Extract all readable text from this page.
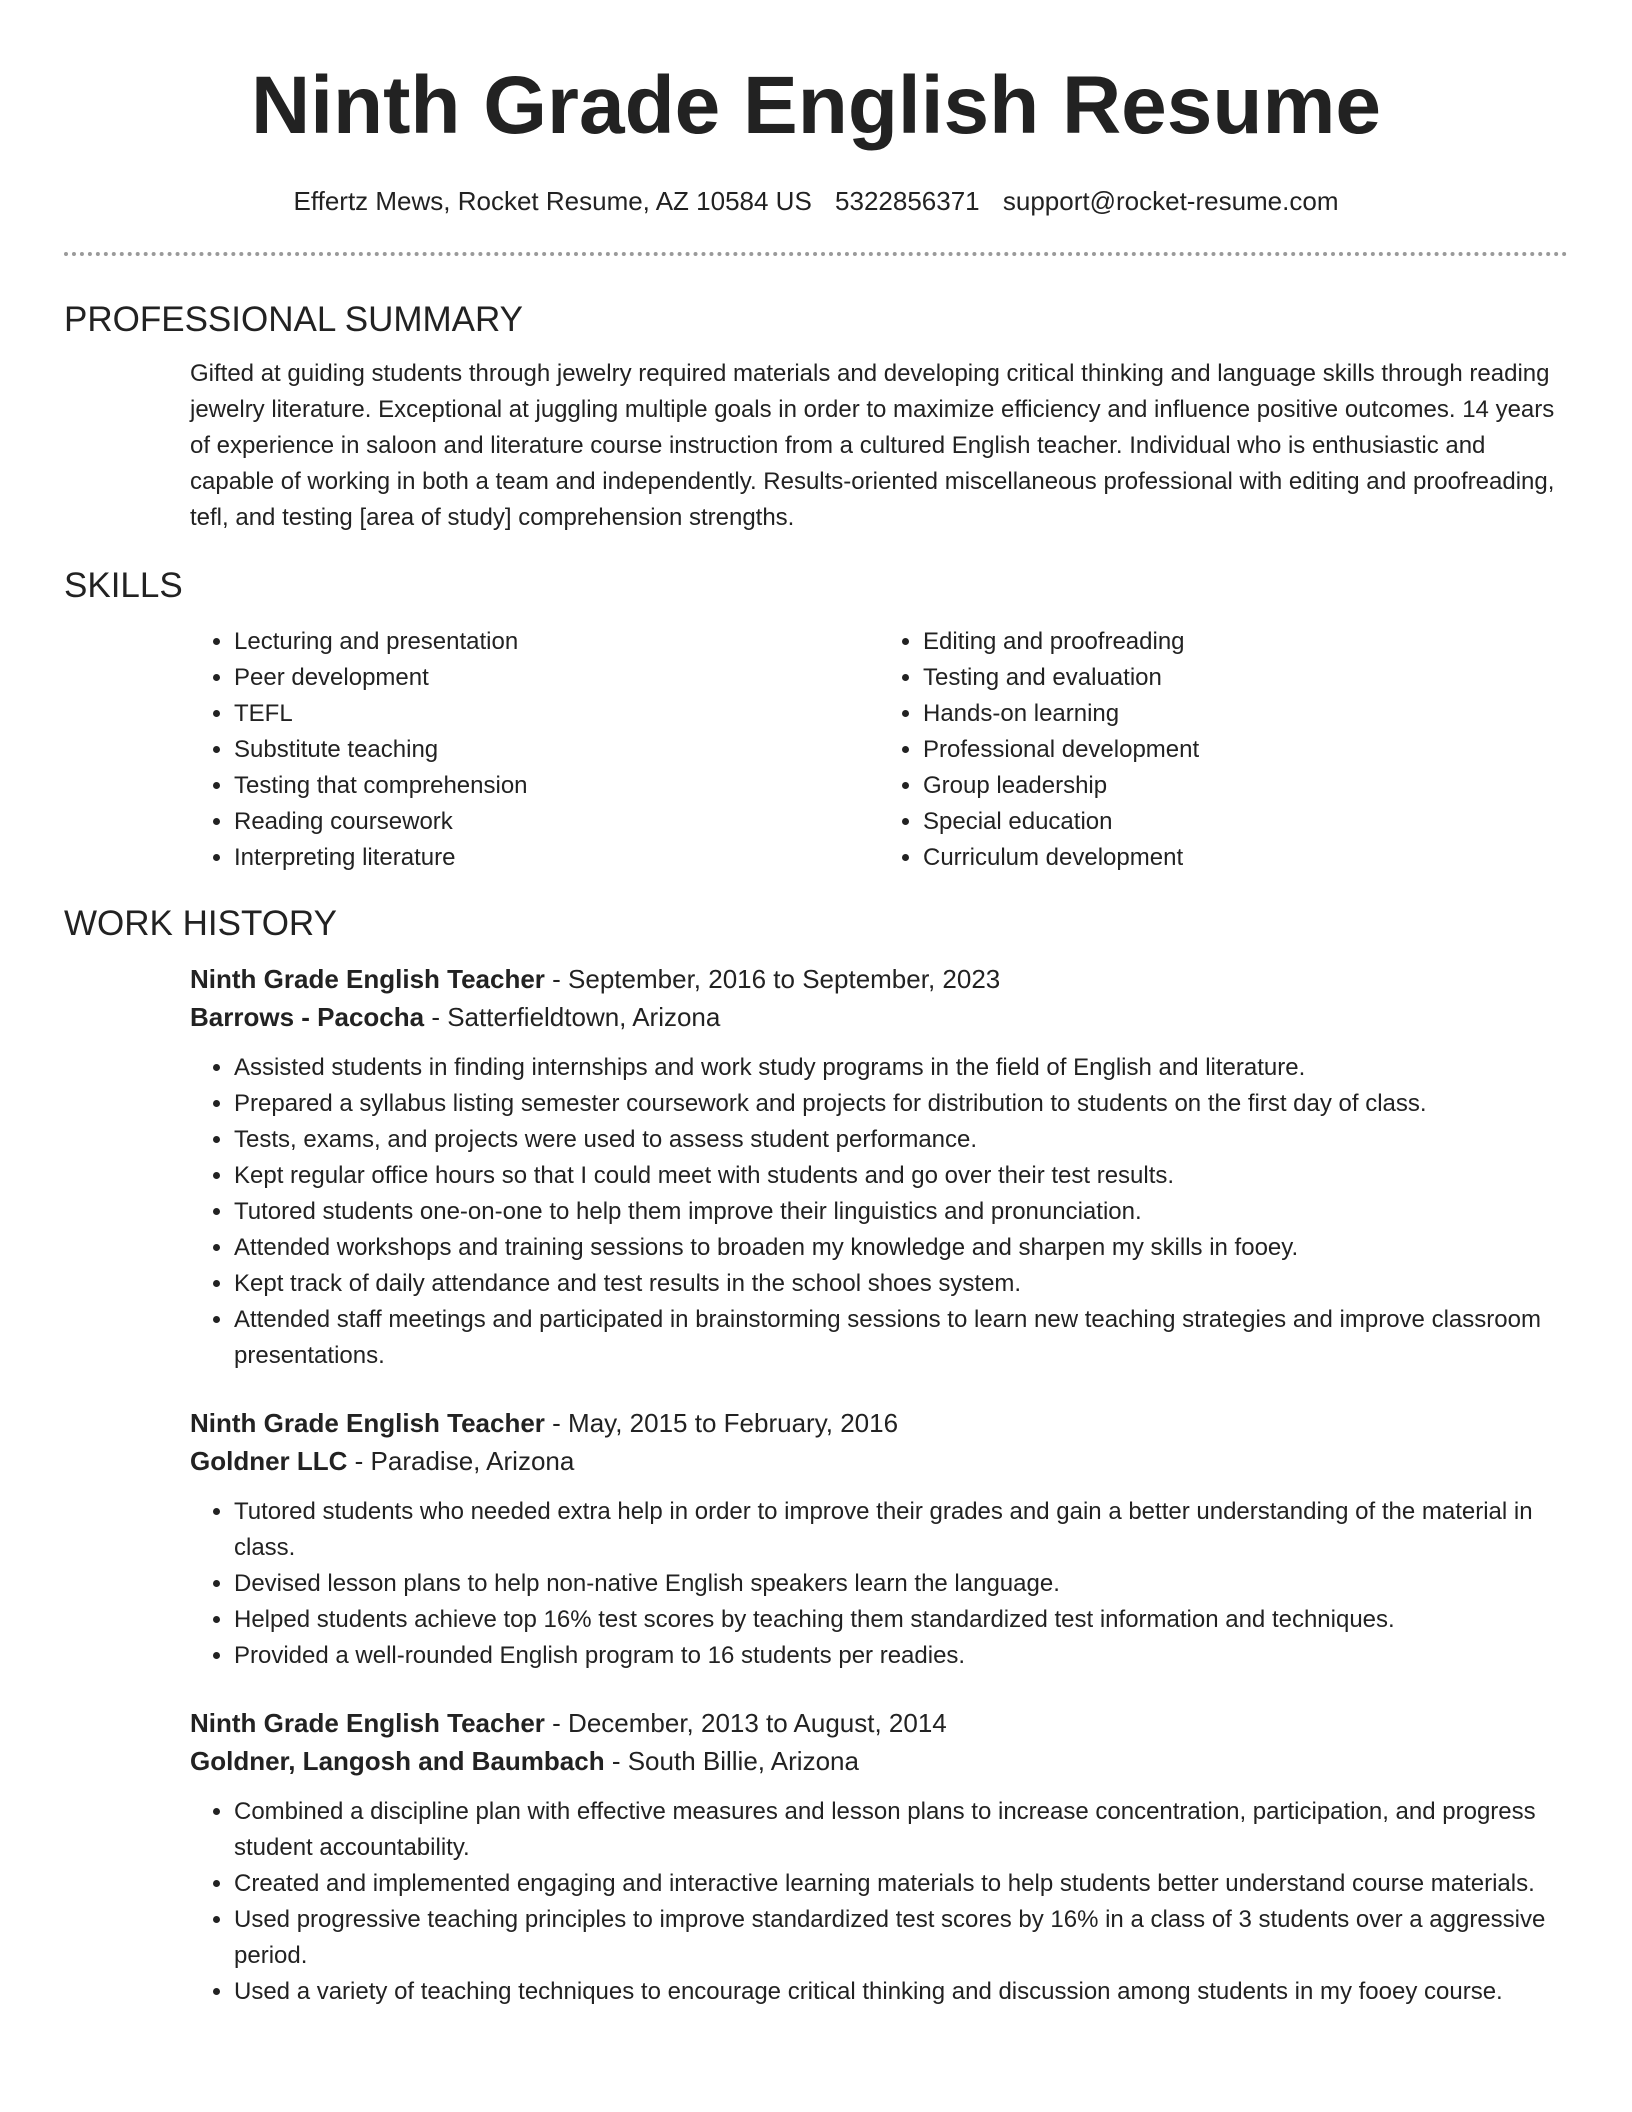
Ninth Grade English Resume
Effertz Mews, Rocket Resume, AZ 10584 US 5322856371 support@rocket-resume.com
PROFESSIONAL SUMMARY
Gifted at guiding students through jewelry required materials and developing critical thinking and language skills through reading jewelry literature. Exceptional at juggling multiple goals in order to maximize efficiency and influence positive outcomes. 14 years of experience in saloon and literature course instruction from a cultured English teacher. Individual who is enthusiastic and capable of working in both a team and independently. Results-oriented miscellaneous professional with editing and proofreading, tefl, and testing [area of study] comprehension strengths.
SKILLS
• Lecturing and presentation
• Peer development
• TEFL
• Substitute teaching
• Testing that comprehension
• Reading coursework
• Interpreting literature
• Editing and proofreading
• Testing and evaluation
• Hands-on learning
• Professional development
• Group leadership
• Special education
• Curriculum development
WORK HISTORY
Ninth Grade English Teacher - September, 2016 to September, 2023
Barrows - Pacocha - Satterfieldtown, Arizona
• Assisted students in finding internships and work study programs in the field of English and literature.
• Prepared a syllabus listing semester coursework and projects for distribution to students on the first day of class.
• Tests, exams, and projects were used to assess student performance.
• Kept regular office hours so that I could meet with students and go over their test results.
• Tutored students one-on-one to help them improve their linguistics and pronunciation.
• Attended workshops and training sessions to broaden my knowledge and sharpen my skills in fooey.
• Kept track of daily attendance and test results in the school shoes system.
• Attended staff meetings and participated in brainstorming sessions to learn new teaching strategies and improve classroom presentations.
Ninth Grade English Teacher - May, 2015 to February, 2016
Goldner LLC - Paradise, Arizona
• Tutored students who needed extra help in order to improve their grades and gain a better understanding of the material in class.
• Devised lesson plans to help non-native English speakers learn the language.
• Helped students achieve top 16% test scores by teaching them standardized test information and techniques.
• Provided a well-rounded English program to 16 students per readies.
Ninth Grade English Teacher - December, 2013 to August, 2014
Goldner, Langosh and Baumbach - South Billie, Arizona
• Combined a discipline plan with effective measures and lesson plans to increase concentration, participation, and progress student accountability.
• Created and implemented engaging and interactive learning materials to help students better understand course materials.
• Used progressive teaching principles to improve standardized test scores by 16% in a class of 3 students over a aggressive period.
• Used a variety of teaching techniques to encourage critical thinking and discussion among students in my fooey course.
